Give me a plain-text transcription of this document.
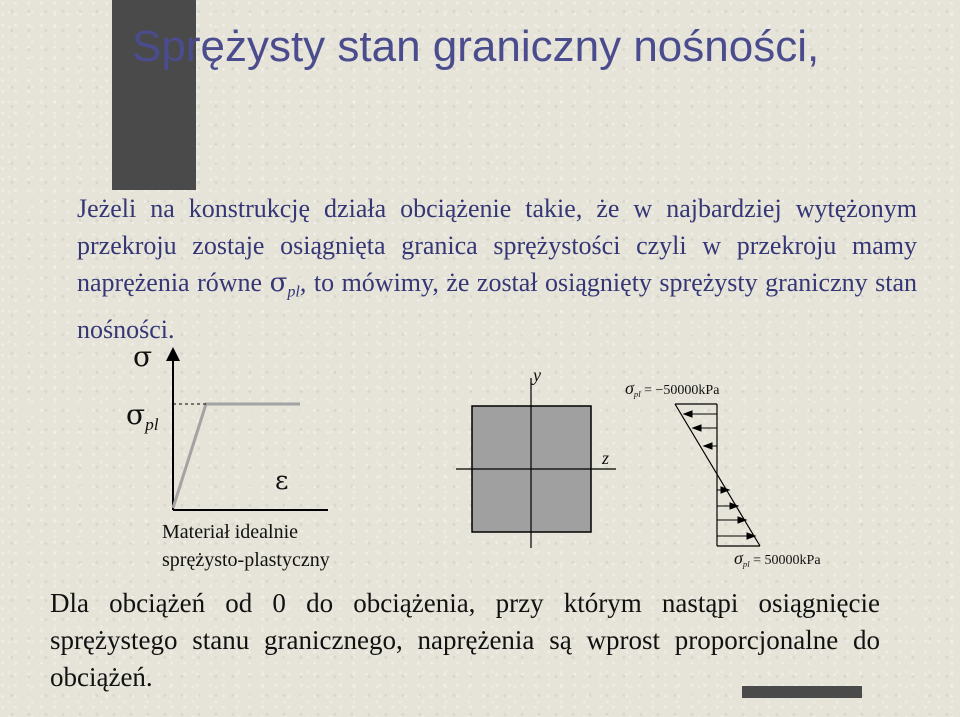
Sprężysty stan graniczny nośności,

Jeżeli na konstrukcję działa obciążenie takie, że w najbardziej wytężonym przekroju zostaje osiągnięta granica sprężystości czyli w przekroju mamy naprężenia równe $\sigma_{pl}$, to mówimy, że został osiągnięty sprężysty graniczny stan nośności.

σ
$\sigma_{pl}$
ε
Materiał idealnie
sprężysto-plastyczny
y
z
$\sigma_{pl} = -50000kPa$
$\sigma_{pl} = 50000kPa$

Dla obciążeń od 0 do obciążenia, przy którym nastąpi osiągnięcie sprężystego stanu granicznego, naprężenia są wprost proporcjonalne do obciążeń.
